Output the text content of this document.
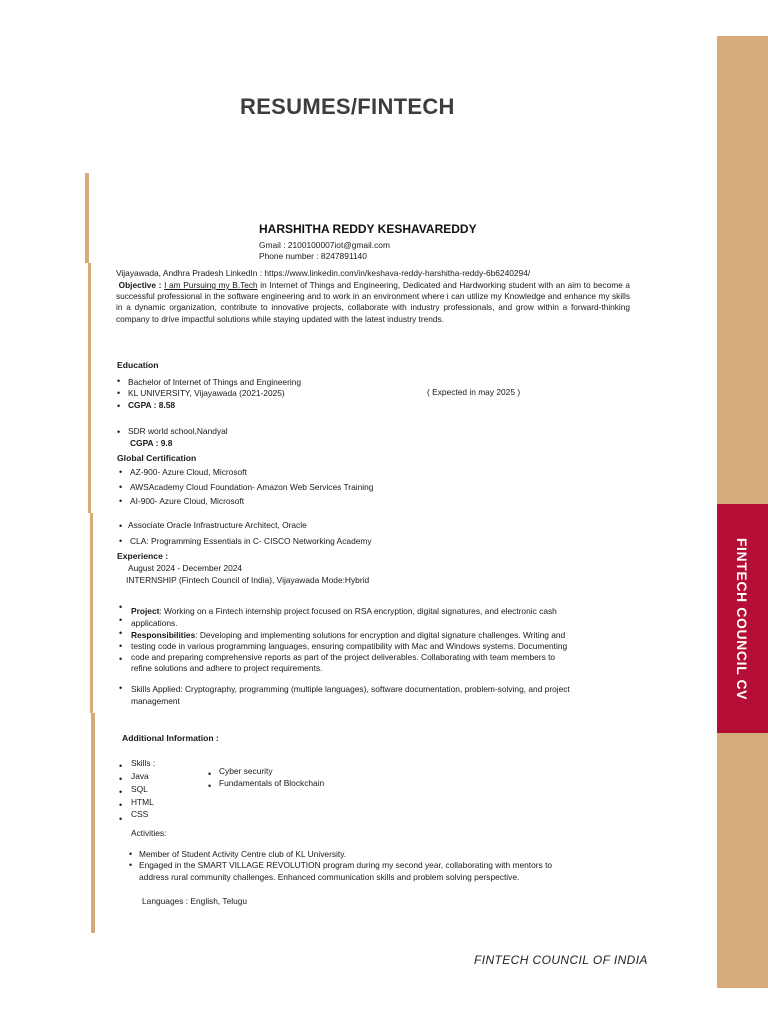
FINTECH COUNCIL CV
RESUMES/FINTECH
HARSHITHA REDDY KESHAVAREDDY
Gmail : 2100100007iot@gmail.com
Phone number : 8247891140
Vijayawada, Andhra Pradesh LinkedIn : https://www.linkedin.com/in/keshava-reddy-harshitha-reddy-6b6240294/
Objective : I am Pursuing my B.Tech in Internet of Things and Engineering, Dedicated and Hardworking student with an aim to become a successful professional in the software engineering and to work in an environment where i can utilize my Knowledge and enhance my skills in a dynamic organization, contribute to innovative projects, collaborate with industry professionals, and grow within a forward-thinking company to drive impactful solutions while staying updated with the latest industry trends.
Education
• Bachelor of Internet of Things and Engineering
• KL UNIVERSITY, Vijayawada (2021-2025)	( Expected in may 2025 )
• CGPA : 8.58
• SDR world school,Nandyal
CGPA : 9.8
Global Certification
• AZ-900- Azure Cloud, Microsoft
• AWSAcademy Cloud Foundation- Amazon Web Services Training
• AI-900- Azure Cloud, Microsoft
• Associate Oracle Infrastructure Architect, Oracle
• CLA: Programming Essentials in C- CISCO Networking Academy
Experience :
August 2024 - December 2024
INTERNSHIP (Fintech Council of India), Vijayawada Mode:Hybrid
• Project: Working on a Fintech internship project focused on RSA encryption, digital signatures, and electronic cash
• applications.
• Responsibilities: Developing and implementing solutions for encryption and digital signature challenges. Writing and
• testing code in various programming languages, ensuring compatibility with Mac and Windows systems. Documenting
• code and preparing comprehensive reports as part of the project deliverables. Collaborating with team members to
refine solutions and adhere to project requirements.
• Skills Applied: Cryptography, programming (multiple languages), software documentation, problem-solving, and project
management
Additional Information :
• Skills :
• Java
• SQL
• HTML
• CSS
• Cyber security
• Fundamentals of Blockchain
Activities:
• Member of Student Activity Centre club of KL University.
• Engaged in the SMART VILLAGE REVOLUTION program during my second year, collaborating with mentors to
address rural community challenges. Enhanced communication skills and problem solving perspective.
Languages : English, Telugu
FINTECH COUNCIL OF INDIA
